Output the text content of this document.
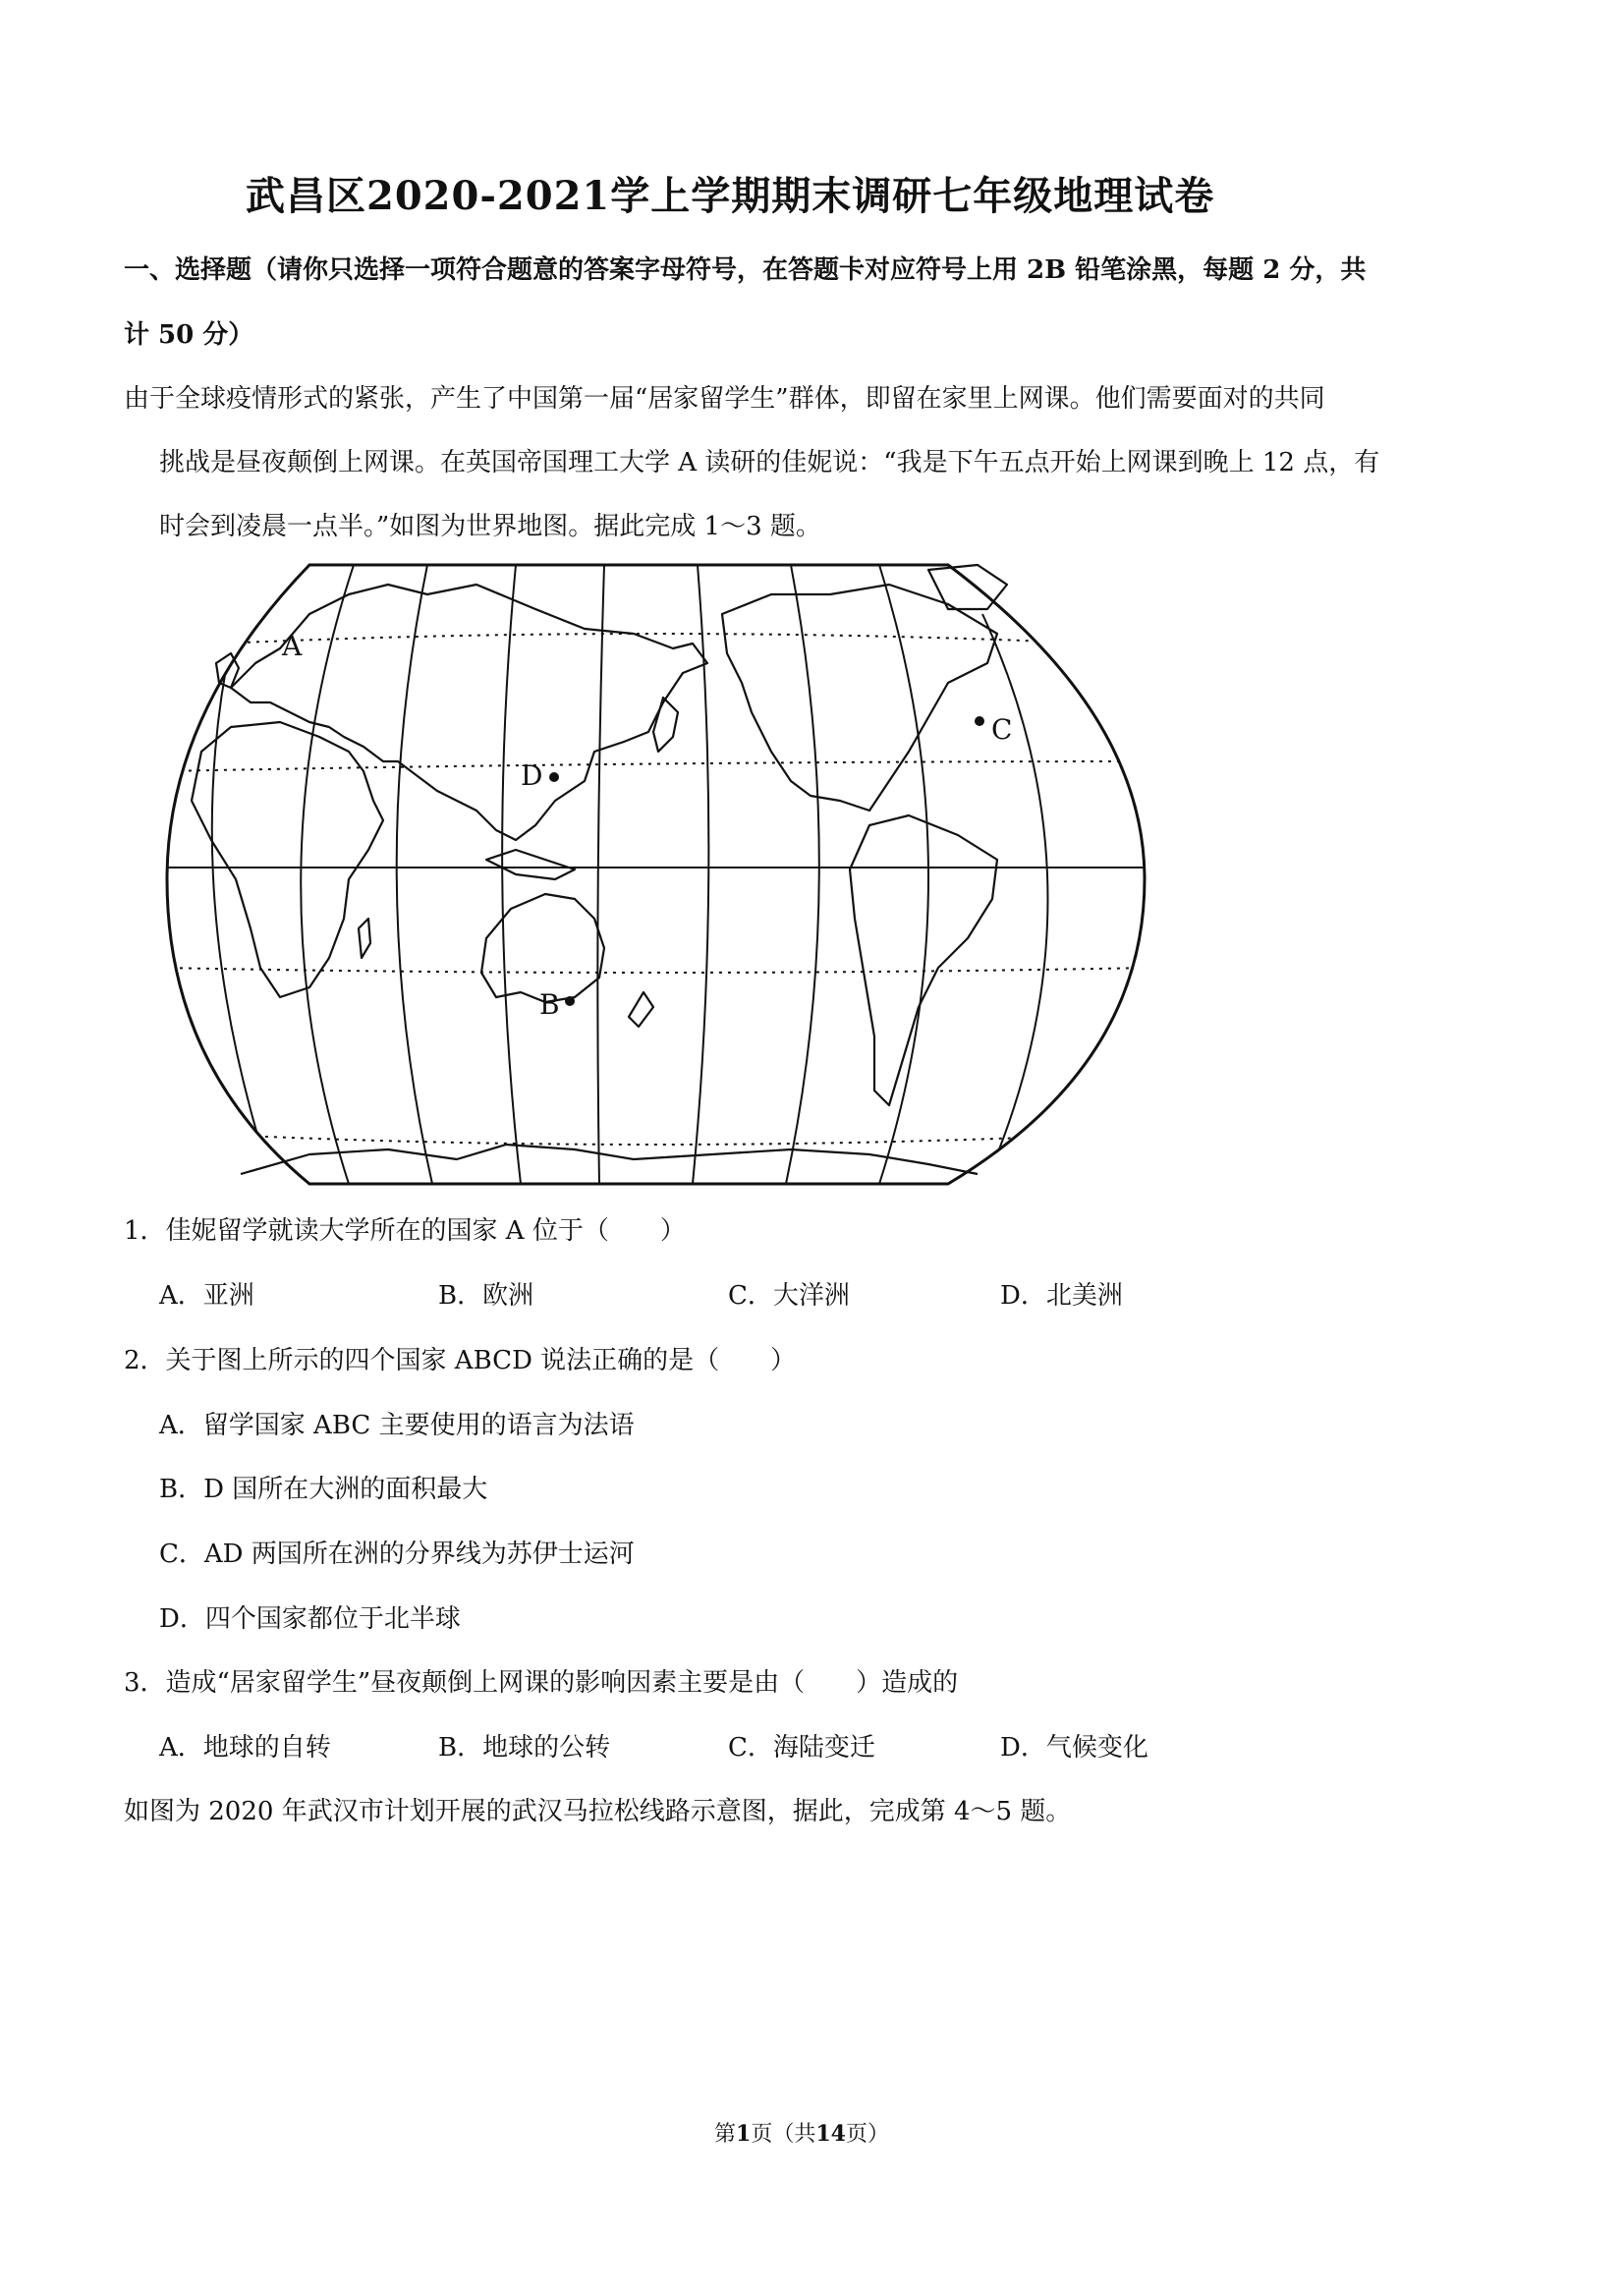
武昌区2020-2021学上学期期末调研七年级地理试卷
一、选择题（请你只选择一项符合题意的答案字母符号，在答题卡对应符号上用 2B 铅笔涂黑，每题 2 分，共
计 50 分）
由于全球疫情形式的紧张，产生了中国第一届“居家留学生”群体，即留在家里上网课。他们需要面对的共同
挑战是昼夜颠倒上网课。在英国帝国理工大学 A 读研的佳妮说：“我是下午五点开始上网课到晚上 12 点，有
时会到凌晨一点半。”如图为世界地图。据此完成 1～3 题。
A
B
C
D
1．佳妮留学就读大学所在的国家 A 位于（　　）
A．亚洲	B．欧洲	C．大洋洲	D．北美洲
2．关于图上所示的四个国家 ABCD 说法正确的是（　　）
A．留学国家 ABC 主要使用的语言为法语
B．D 国所在大洲的面积最大
C．AD 两国所在洲的分界线为苏伊士运河
D．四个国家都位于北半球
3．造成“居家留学生”昼夜颠倒上网课的影响因素主要是由（　　）造成的
A．地球的自转	B．地球的公转	C．海陆变迁	D．气候变化
如图为 2020 年武汉市计划开展的武汉马拉松线路示意图，据此，完成第 4～5 题。
第1页（共14页）
